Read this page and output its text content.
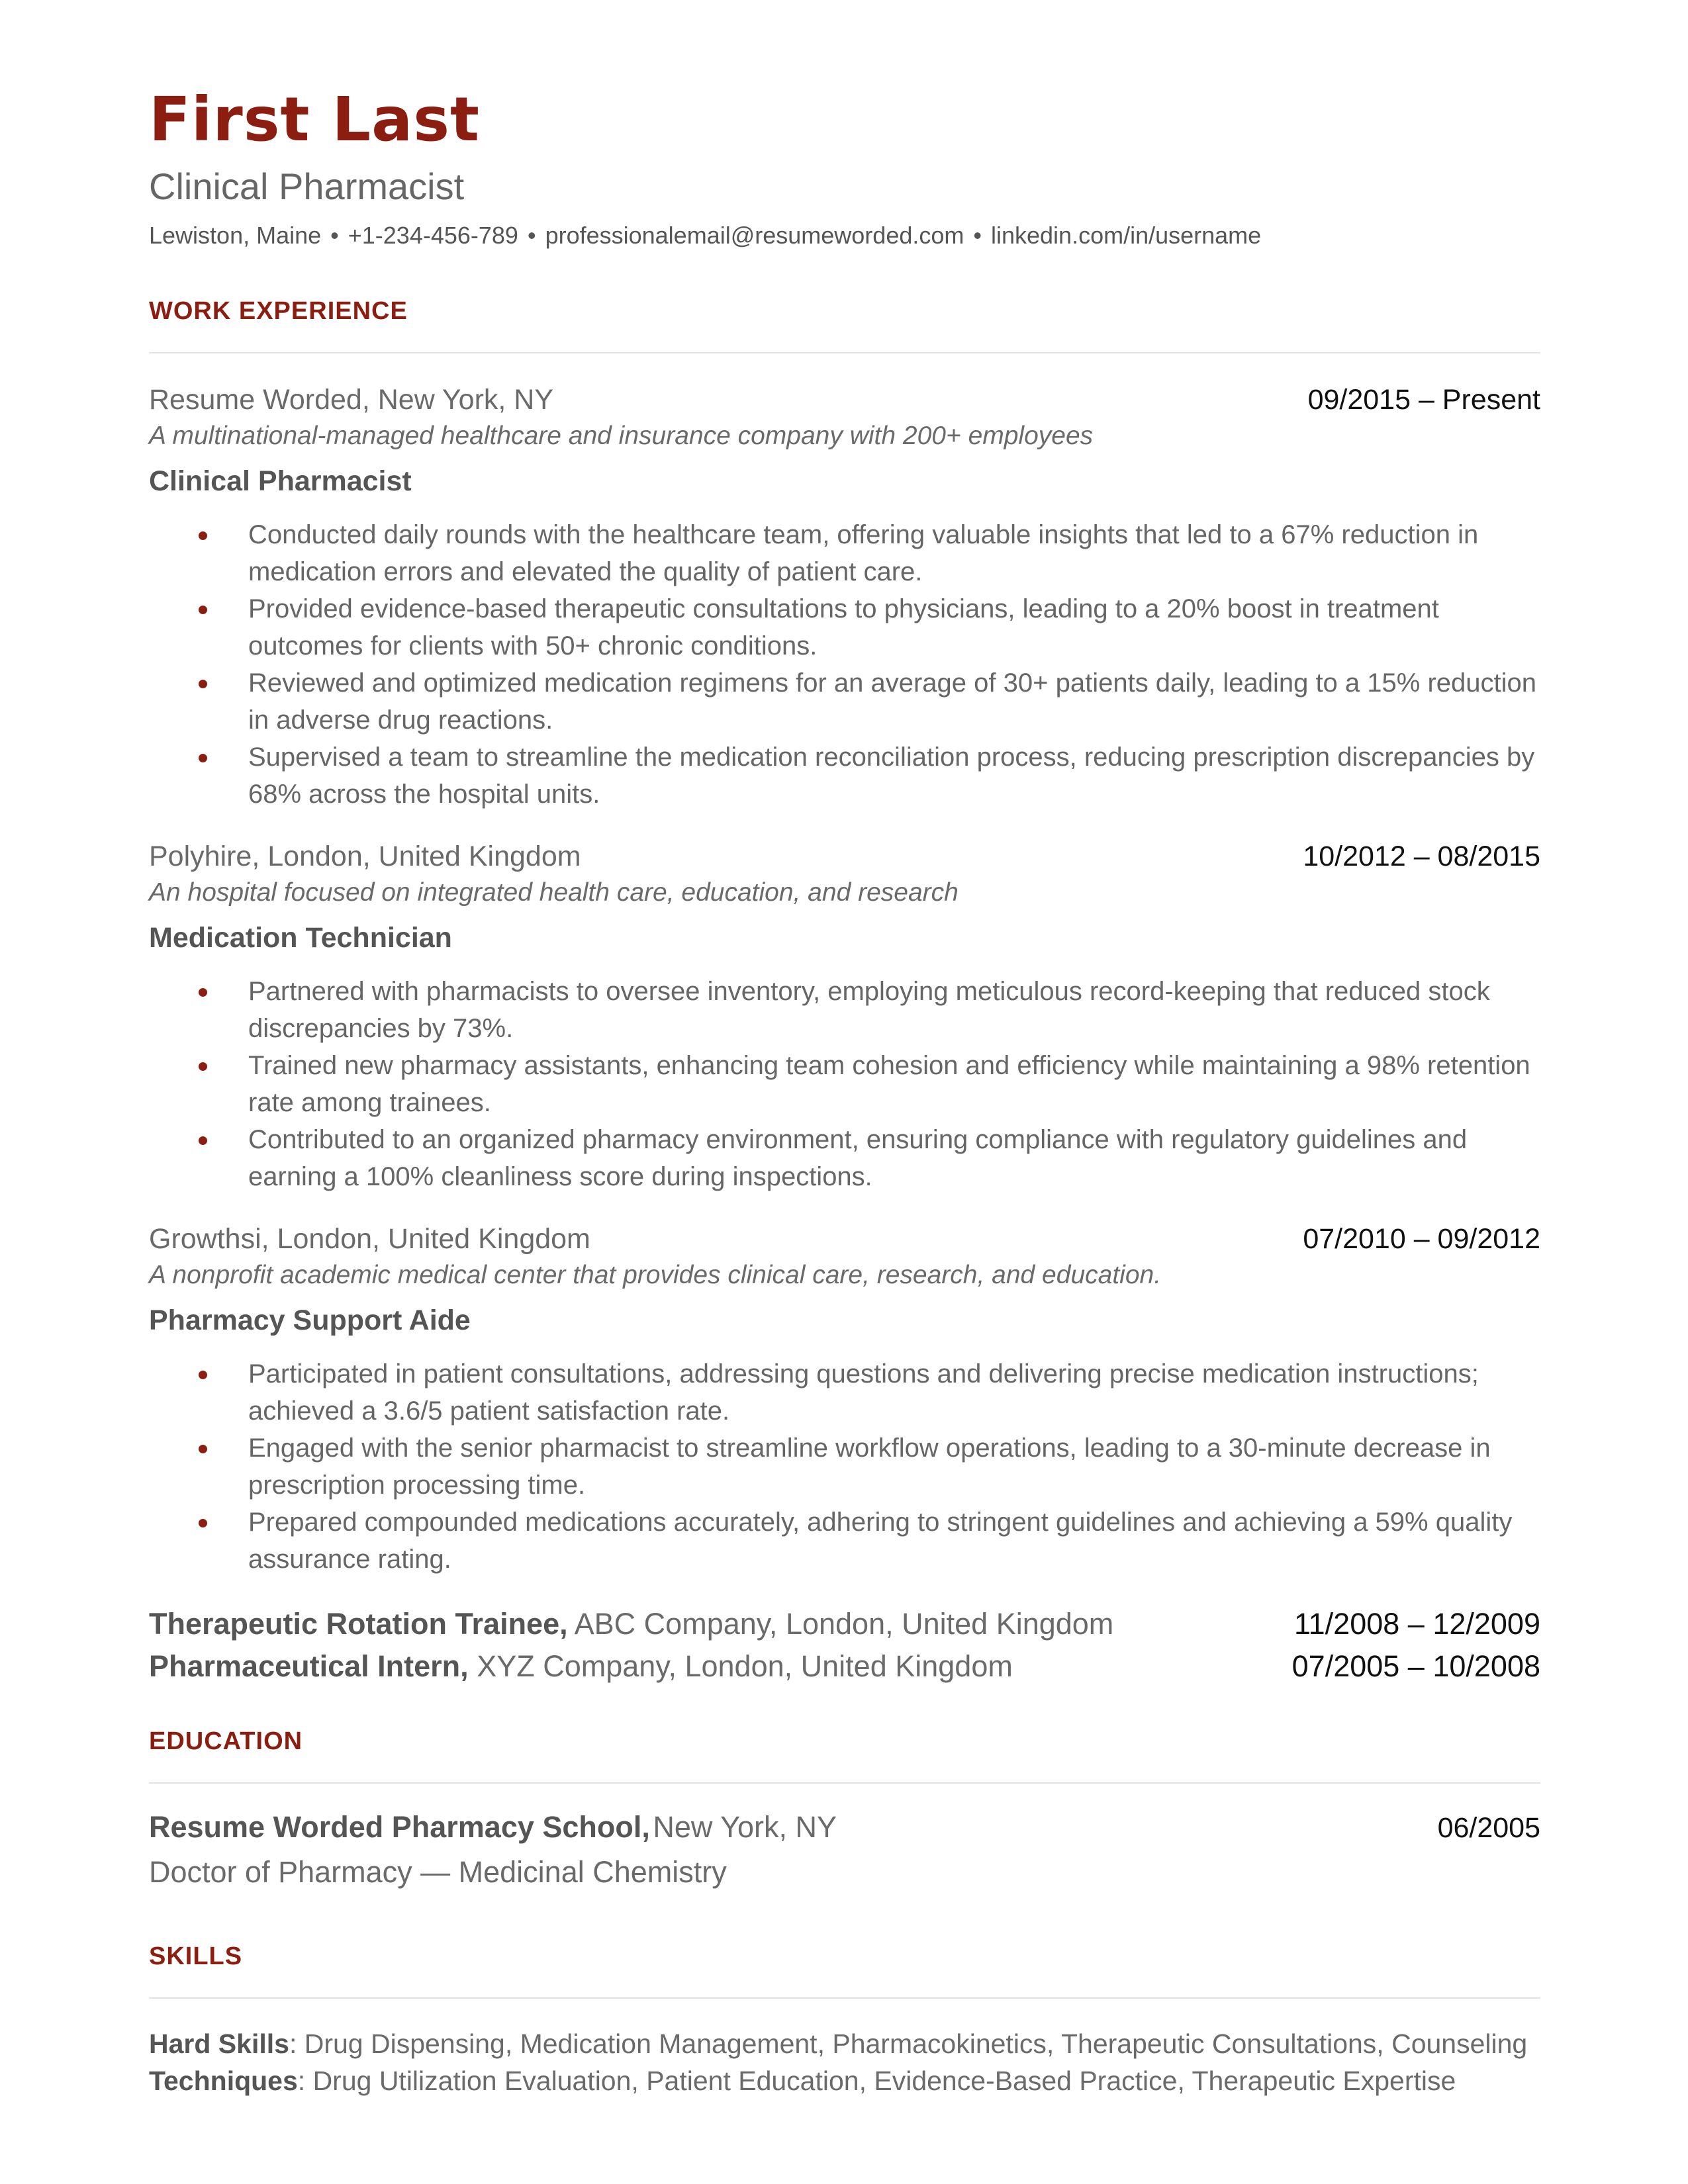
First Last
Clinical Pharmacist
Lewiston, Maine • +1-234-456-789 • professionalemail@resumeworded.com • linkedin.com/in/username
WORK EXPERIENCE
Resume Worded, New York, NY	09/2015 – Present
A multinational-managed healthcare and insurance company with 200+ employees
Clinical Pharmacist
Conducted daily rounds with the healthcare team, offering valuable insights that led to a 67% reduction in medication errors and elevated the quality of patient care.
Provided evidence-based therapeutic consultations to physicians, leading to a 20% boost in treatment outcomes for clients with 50+ chronic conditions.
Reviewed and optimized medication regimens for an average of 30+ patients daily, leading to a 15% reduction in adverse drug reactions.
Supervised a team to streamline the medication reconciliation process, reducing prescription discrepancies by 68% across the hospital units.
Polyhire, London, United Kingdom	10/2012 – 08/2015
An hospital focused on integrated health care, education, and research
Medication Technician
Partnered with pharmacists to oversee inventory, employing meticulous record-keeping that reduced stock discrepancies by 73%.
Trained new pharmacy assistants, enhancing team cohesion and efficiency while maintaining a 98% retention rate among trainees.
Contributed to an organized pharmacy environment, ensuring compliance with regulatory guidelines and earning a 100% cleanliness score during inspections.
Growthsi, London, United Kingdom	07/2010 – 09/2012
A nonprofit academic medical center that provides clinical care, research, and education.
Pharmacy Support Aide
Participated in patient consultations, addressing questions and delivering precise medication instructions; achieved a 3.6/5 patient satisfaction rate.
Engaged with the senior pharmacist to streamline workflow operations, leading to a 30-minute decrease in prescription processing time.
Prepared compounded medications accurately, adhering to stringent guidelines and achieving a 59% quality assurance rating.
Therapeutic Rotation Trainee, ABC Company, London, United Kingdom	11/2008 – 12/2009
Pharmaceutical Intern, XYZ Company, London, United Kingdom	07/2005 – 10/2008
EDUCATION
Resume Worded Pharmacy School, New York, NY	06/2005
Doctor of Pharmacy — Medicinal Chemistry
SKILLS
Hard Skills: Drug Dispensing, Medication Management, Pharmacokinetics, Therapeutic Consultations, Counseling
Techniques: Drug Utilization Evaluation, Patient Education, Evidence-Based Practice, Therapeutic Expertise
